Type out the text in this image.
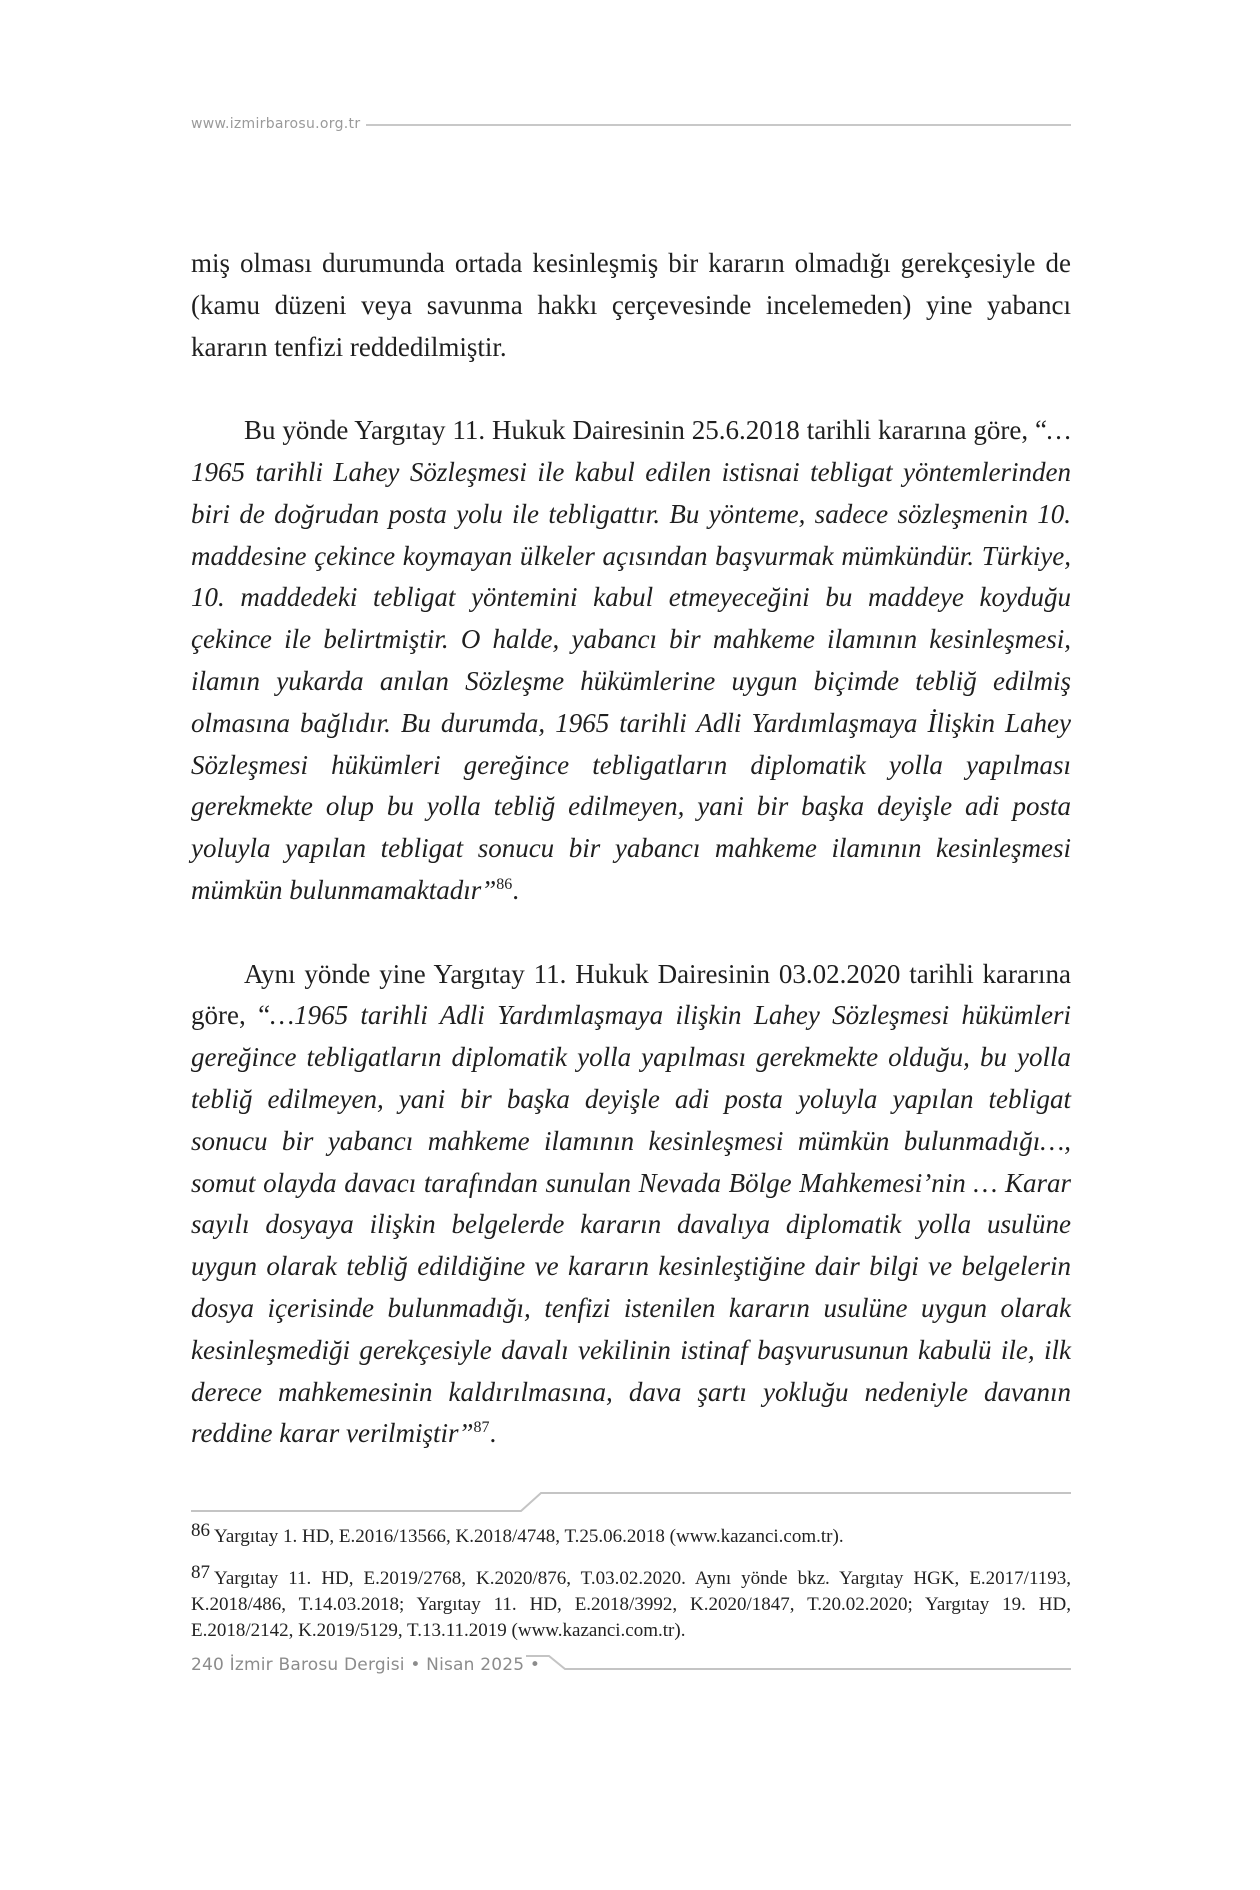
www.izmirbarosu.org.tr

miş olması durumunda ortada kesinleşmiş bir kararın olmadığı gerekçesiyle de (kamu düzeni veya savunma hakkı çerçevesinde incelemeden) yine yabancı kararın tenfizi reddedilmiştir.

Bu yönde Yargıtay 11. Hukuk Dairesinin 25.6.2018 tarihli kararına göre, “…1965 tarihli Lahey Sözleşmesi ile kabul edilen istisnai tebligat yöntemlerinden biri de doğrudan posta yolu ile tebligattır. Bu yönteme, sadece sözleşmenin 10. maddesine çekince koymayan ülkeler açısından başvurmak mümkündür. Türkiye, 10. maddedeki tebligat yöntemini kabul etmeyeceğini bu maddeye koyduğu çekince ile belirtmiştir. O halde, yabancı bir mahkeme ilamının kesinleşmesi, ilamın yukarda anılan Sözleşme hükümlerine uygun biçimde tebliğ edilmiş olmasına bağlıdır. Bu durumda, 1965 tarihli Adli Yardımlaşmaya İlişkin Lahey Sözleşmesi hükümleri gereğince tebligatların diplomatik yolla yapılması gerekmekte olup bu yolla tebliğ edilmeyen, yani bir başka deyişle adi posta yoluyla yapılan tebligat sonucu bir yabancı mahkeme ilamının kesinleşmesi mümkün bulunmamaktadır”$^{86}$.

Aynı yönde yine Yargıtay 11. Hukuk Dairesinin 03.02.2020 tarihli kararına göre, “…1965 tarihli Adli Yardımlaşmaya ilişkin Lahey Sözleşmesi hükümleri gereğince tebligatların diplomatik yolla yapılması gerekmekte olduğu, bu yolla tebliğ edilmeyen, yani bir başka deyişle adi posta yoluyla yapılan tebligat sonucu bir yabancı mahkeme ilamının kesinleşmesi mümkün bulunmadığı…, somut olayda davacı tarafından sunulan Nevada Bölge Mahkemesi’nin … Karar sayılı dosyaya ilişkin belgelerde kararın davalıya diplomatik yolla usulüne uygun olarak tebliğ edildiğine ve kararın kesinleştiğine dair bilgi ve belgelerin dosya içerisinde bulunmadığı, tenfizi istenilen kararın usulüne uygun olarak kesinleşmediği gerekçesiyle davalı vekilinin istinaf başvurusunun kabulü ile, ilk derece mahkemesinin kaldırılmasına, dava şartı yokluğu nedeniyle davanın reddine karar verilmiştir”$^{87}$.

86 Yargıtay 1. HD, E.2016/13566, K.2018/4748, T.25.06.2018 (www.kazanci.com.tr).

87 Yargıtay 11. HD, E.2019/2768, K.2020/876, T.03.02.2020. Aynı yönde bkz. Yargıtay HGK, E.2017/1193, K.2018/486, T.14.03.2018; Yargıtay 11. HD, E.2018/3992, K.2020/1847, T.20.02.2020; Yargıtay 19. HD, E.2018/2142, K.2019/5129, T.13.11.2019 (www.kazanci.com.tr).

240 İzmir Barosu Dergisi • Nisan 2025 •
